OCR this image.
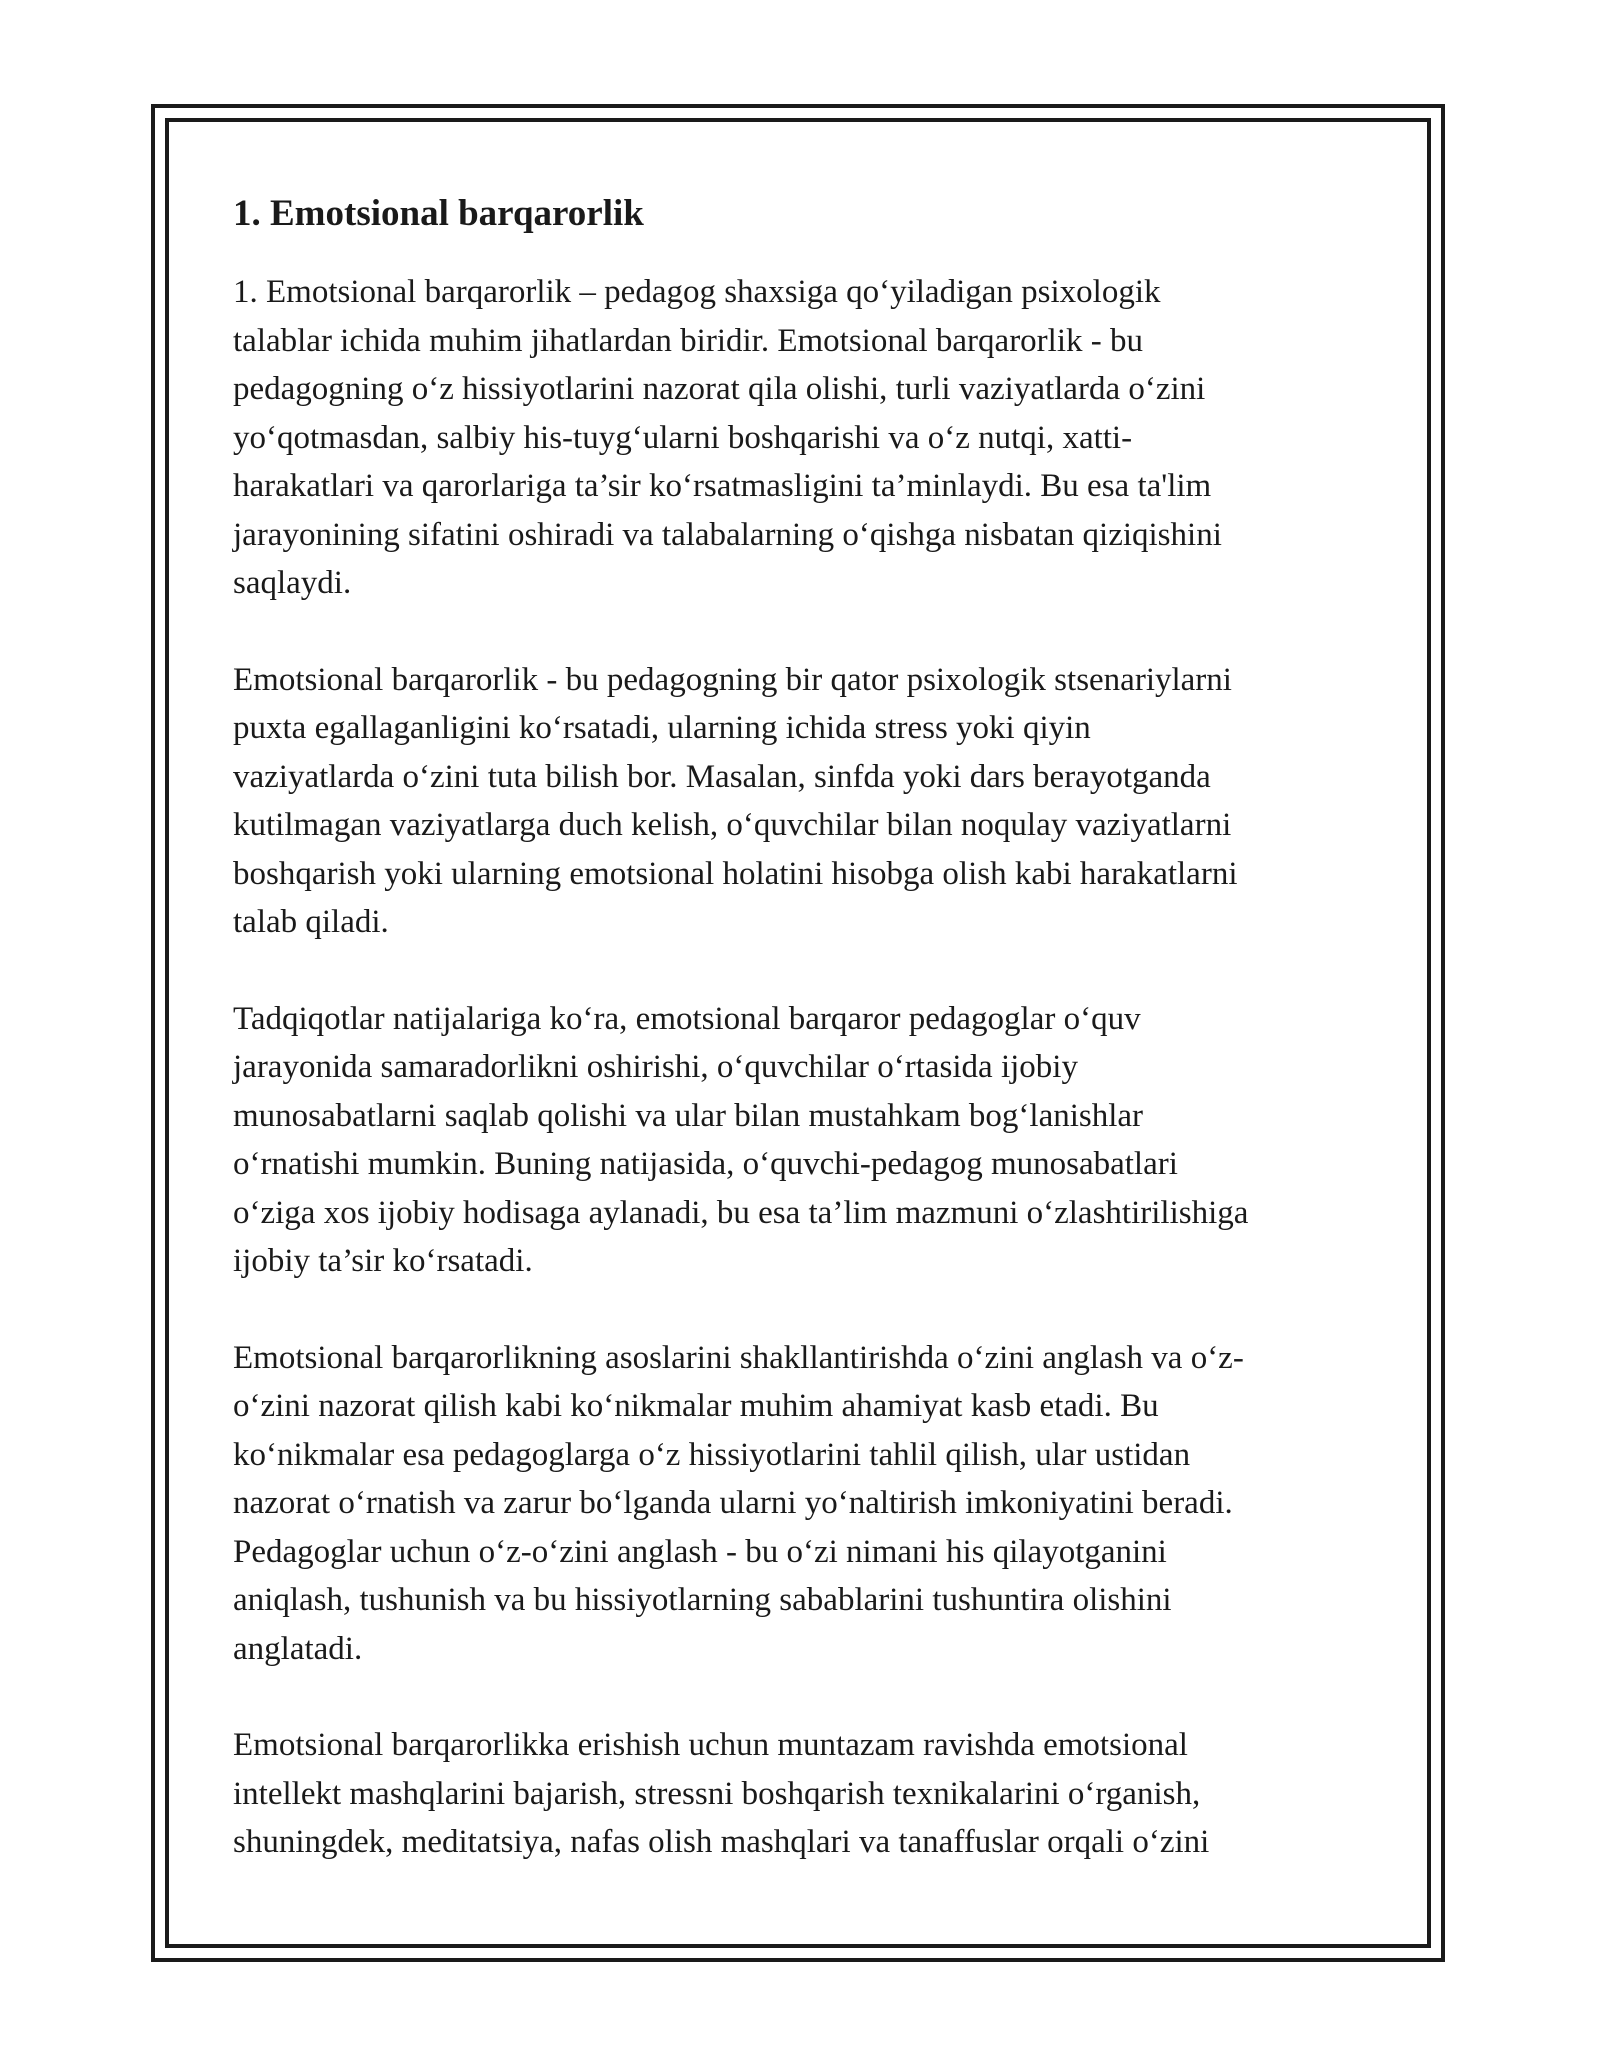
1. Emotsional barqarorlik

1. Emotsional barqarorlik – pedagog shaxsiga qo‘yiladigan psixologik
talablar ichida muhim jihatlardan biridir. Emotsional barqarorlik - bu
pedagogning o‘z hissiyotlarini nazorat qila olishi, turli vaziyatlarda o‘zini
yo‘qotmasdan, salbiy his-tuyg‘ularni boshqarishi va o‘z nutqi, xatti-
harakatlari va qarorlariga ta’sir ko‘rsatmasligini ta’minlaydi. Bu esa ta'lim
jarayonining sifatini oshiradi va talabalarning o‘qishga nisbatan qiziqishini
saqlaydi.

Emotsional barqarorlik - bu pedagogning bir qator psixologik stsenariylarni
puxta egallaganligini ko‘rsatadi, ularning ichida stress yoki qiyin
vaziyatlarda o‘zini tuta bilish bor. Masalan, sinfda yoki dars berayotganda
kutilmagan vaziyatlarga duch kelish, o‘quvchilar bilan noqulay vaziyatlarni
boshqarish yoki ularning emotsional holatini hisobga olish kabi harakatlarni
talab qiladi.

Tadqiqotlar natijalariga ko‘ra, emotsional barqaror pedagoglar o‘quv
jarayonida samaradorlikni oshirishi, o‘quvchilar o‘rtasida ijobiy
munosabatlarni saqlab qolishi va ular bilan mustahkam bog‘lanishlar
o‘rnatishi mumkin. Buning natijasida, o‘quvchi-pedagog munosabatlari
o‘ziga xos ijobiy hodisaga aylanadi, bu esa ta’lim mazmuni o‘zlashtirilishiga
ijobiy ta’sir ko‘rsatadi.

Emotsional barqarorlikning asoslarini shakllantirishda o‘zini anglash va o‘z-
o‘zini nazorat qilish kabi ko‘nikmalar muhim ahamiyat kasb etadi. Bu
ko‘nikmalar esa pedagoglarga o‘z hissiyotlarini tahlil qilish, ular ustidan
nazorat o‘rnatish va zarur bo‘lganda ularni yo‘naltirish imkoniyatini beradi.
Pedagoglar uchun o‘z-o‘zini anglash - bu o‘zi nimani his qilayotganini
aniqlash, tushunish va bu hissiyotlarning sabablarini tushuntira olishini
anglatadi.

Emotsional barqarorlikka erishish uchun muntazam ravishda emotsional
intellekt mashqlarini bajarish, stressni boshqarish texnikalarini o‘rganish,
shuningdek, meditatsiya, nafas olish mashqlari va tanaffuslar orqali o‘zini
